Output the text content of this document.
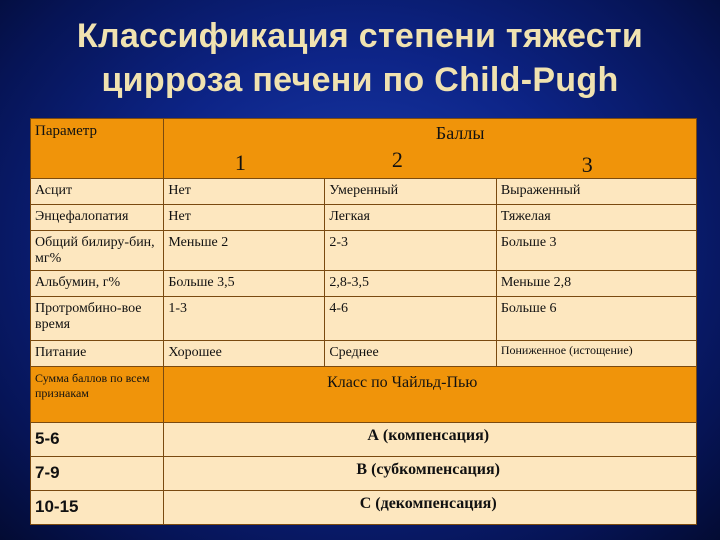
Классификация степени тяжести
цирроза печени по Child-Pugh
Параметр	Баллы
1 2 3		

Асцит	Нет	Умеренный	Выраженный
Энцефалопатия	Нет	Легкая	Тяжелая
Общий билиру-бин, мг%	Меньше 2	2-3	Больше 3
Альбумин, г%	Больше 3,5	2,8-3,5	Меньше 2,8
Протромбино-вое время	1-3	4-6	Больше 6
Питание	Хорошее	Среднее	Пониженное (истощение)
Сумма баллов по всем признакам	Класс по Чайльд-Пью		
5-6	А (компенсация)		
7-9	В (субкомпенсация)		
10-15	С (декомпенсация)		
